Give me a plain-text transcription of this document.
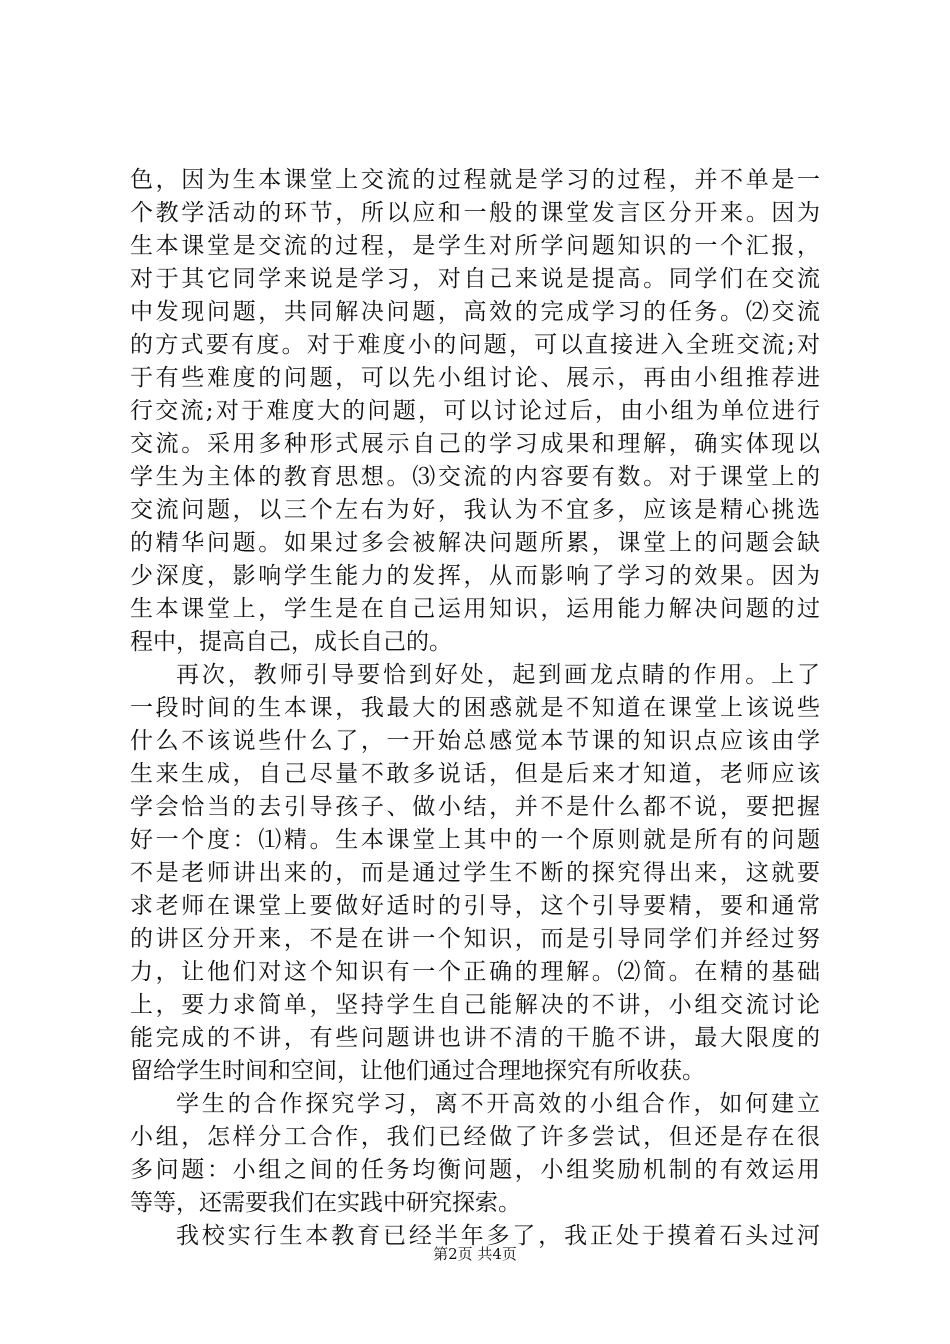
色，因为生本课堂上交流的过程就是学习的过程，并不单是一
个教学活动的环节，所以应和一般的课堂发言区分开来。因为
生本课堂是交流的过程，是学生对所学问题知识的一个汇报，
对于其它同学来说是学习，对自己来说是提高。同学们在交流
中发现问题，共同解决问题，高效的完成学习的任务。⑵交流
的方式要有度。对于难度小的问题，可以直接进入全班交流;对
于有些难度的问题，可以先小组讨论、展示，再由小组推荐进
行交流;对于难度大的问题，可以讨论过后，由小组为单位进行
交流。采用多种形式展示自己的学习成果和理解，确实体现以
学生为主体的教育思想。⑶交流的内容要有数。对于课堂上的
交流问题，以三个左右为好，我认为不宜多，应该是精心挑选
的精华问题。如果过多会被解决问题所累，课堂上的问题会缺
少深度，影响学生能力的发挥，从而影响了学习的效果。因为
生本课堂上，学生是在自己运用知识，运用能力解决问题的过
程中，提高自己，成长自己的。
再次，教师引导要恰到好处，起到画龙点睛的作用。上了
一段时间的生本课，我最大的困惑就是不知道在课堂上该说些
什么不该说些什么了，一开始总感觉本节课的知识点应该由学
生来生成，自己尽量不敢多说话，但是后来才知道，老师应该
学会恰当的去引导孩子、做小结，并不是什么都不说，要把握
好一个度：⑴精。生本课堂上其中的一个原则就是所有的问题
不是老师讲出来的，而是通过学生不断的探究得出来，这就要
求老师在课堂上要做好适时的引导，这个引导要精，要和通常
的讲区分开来，不是在讲一个知识，而是引导同学们并经过努
力，让他们对这个知识有一个正确的理解。⑵简。在精的基础
上，要力求简单，坚持学生自己能解决的不讲，小组交流讨论
能完成的不讲，有些问题讲也讲不清的干脆不讲，最大限度的
留给学生时间和空间，让他们通过合理地探究有所收获。
学生的合作探究学习，离不开高效的小组合作，如何建立
小组，怎样分工合作，我们已经做了许多尝试，但还是存在很
多问题：小组之间的任务均衡问题，小组奖励机制的有效运用
等等，还需要我们在实践中研究探索。
我校实行生本教育已经半年多了，我正处于摸着石头过河
第2页 共4页
